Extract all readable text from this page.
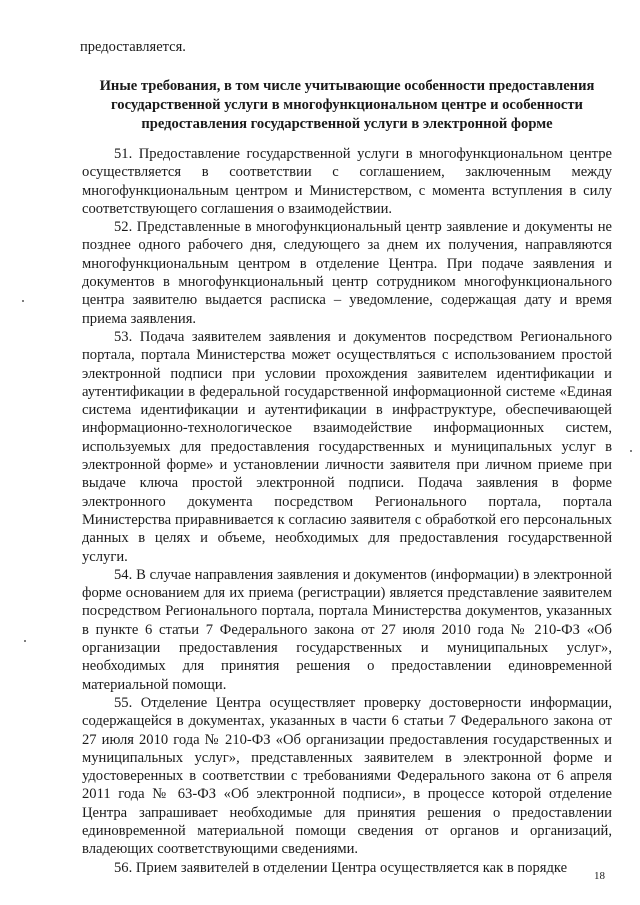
предоставляется.

Иные требования, в том числе учитывающие особенности предоставления государственной услуги в многофункциональном центре и особенности предоставления государственной услуги в электронной форме

51. Предоставление государственной услуги в многофункциональном центре осуществляется в соответствии с соглашением, заключенным между многофункциональным центром и Министерством, с момента вступления в силу соответствующего соглашения о взаимодействии.

52. Представленные в многофункциональный центр заявление и документы не позднее одного рабочего дня, следующего за днем их получения, направляются многофункциональным центром в отделение Центра. При подаче заявления и документов в многофункциональный центр сотрудником многофункционального центра заявителю выдается расписка – уведомление, содержащая дату и время приема заявления.

53. Подача заявителем заявления и документов посредством Регионального портала, портала Министерства может осуществляться с использованием простой электронной подписи при условии прохождения заявителем идентификации и аутентификации в федеральной государственной информационной системе «Единая система идентификации и аутентификации в инфраструктуре, обеспечивающей информационно-технологическое взаимодействие информационных систем, используемых для предоставления государственных и муниципальных услуг в электронной форме» и установлении личности заявителя при личном приеме при выдаче ключа простой электронной подписи. Подача заявления в форме электронного документа посредством Регионального портала, портала Министерства приравнивается к согласию заявителя с обработкой его персональных данных в целях и объеме, необходимых для предоставления государственной услуги.

54. В случае направления заявления и документов (информации) в электронной форме основанием для их приема (регистрации) является представление заявителем посредством Регионального портала, портала Министерства документов, указанных в пункте 6 статьи 7 Федерального закона от 27 июля 2010 года № 210-ФЗ «Об организации предоставления государственных и муниципальных услуг», необходимых для принятия решения о предоставлении единовременной материальной помощи.

55. Отделение Центра осуществляет проверку достоверности информации, содержащейся в документах, указанных в части 6 статьи 7 Федерального закона от 27 июля 2010 года № 210-ФЗ «Об организации предоставления государственных и муниципальных услуг», представленных заявителем в электронной форме и удостоверенных в соответствии с требованиями Федерального закона от 6 апреля 2011 года № 63-ФЗ «Об электронной подписи», в процессе которой отделение Центра запрашивает необходимые для принятия решения о предоставлении единовременной материальной помощи сведения от органов и организаций, владеющих соответствующими сведениями.

56. Прием заявителей в отделении Центра осуществляется как в порядке

18
